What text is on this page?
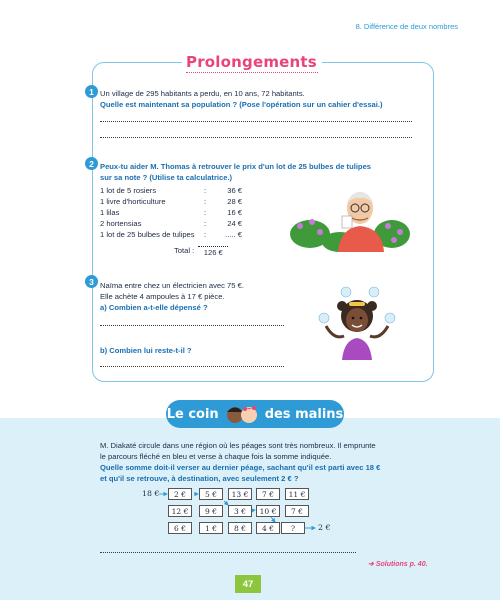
8. Différence de deux nombres
Prolongements
1 Un village de 295 habitants a perdu, en 10 ans, 72 habitants.
Quelle est maintenant sa population ? (Pose l'opération sur un cahier d'essai.)
2 Peux-tu aider M. Thomas à retrouver le prix d'un lot de 25 bulbes de tulipes
sur sa note ? (Utilise ta calculatrice.)
1 lot de 5 rosiers	:	36 €
1 livre d'horticulture	:	28 €
1 lilas	:	16 €
2 hortensias	:	24 €
1 lot de 25 bulbes de tulipes	:	..... €
Total :	126 €
3 Naïma entre chez un électricien avec 75 €.
Elle achète 4 ampoules à 17 € pièce.
a) Combien a-t-elle dépensé ?
b) Combien lui reste-t-il ?
Le coin	des malins
M. Diakaté circule dans une région où les péages sont très nombreux. Il emprunte
le parcours fléché en bleu et verse à chaque fois la somme indiquée.
Quelle somme doit-il verser au dernier péage, sachant qu'il est parti avec 18 €
et qu'il se retrouve, à destination, avec seulement 2 € ?
18 €	2 €	5 €	13 €	7 €	11 €
12 €	9 €	3 €	10 €	7 €
6 €	1 €	8 €	4 €	?	2 €
➔ Solutions p. 40.
47
